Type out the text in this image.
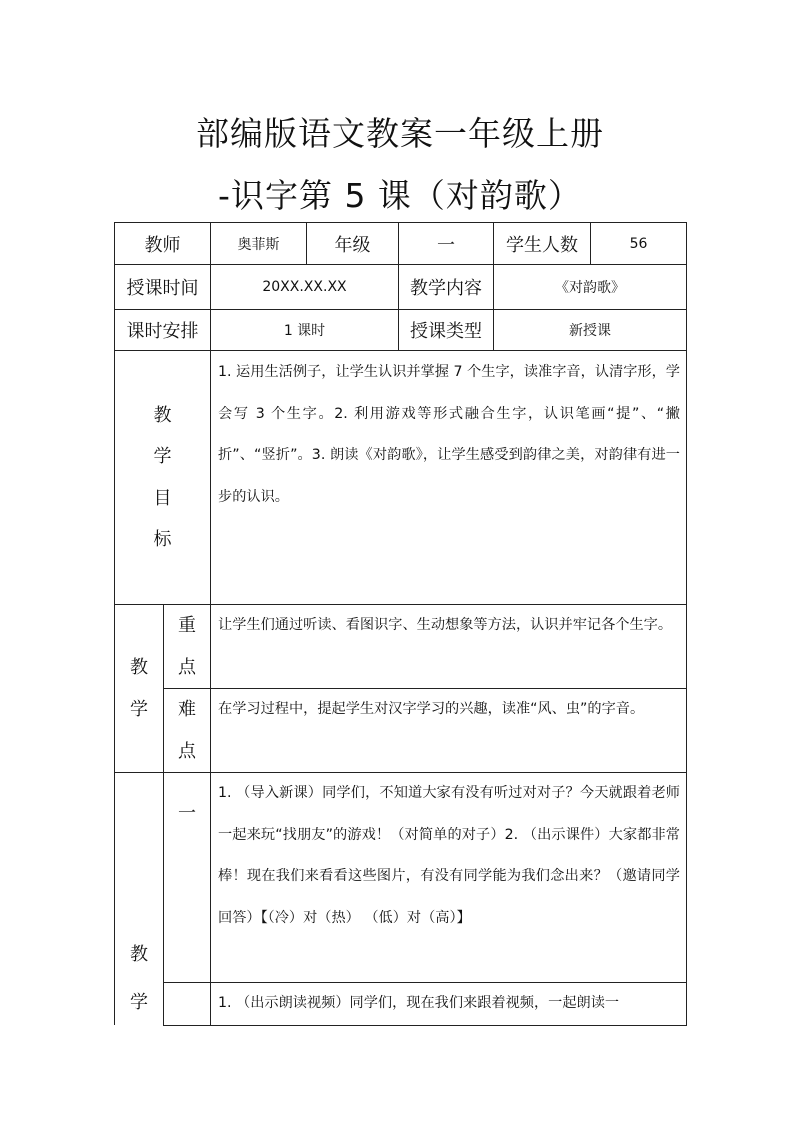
部编版语文教案一年级上册
-识字第 5 课（对韵歌）
教师		奥菲斯	年级	一	学生人数	56
授课时间		20XX.XX.XX		教学内容	《对韵歌》	
课时安排		1 课时		授课类型	新授课	

教
学
目
标		1. 运用生活例子，让学生认识并掌握 7 个生字，读准字音，认清字形，学会写 3 个生字。2. 利用游戏等形式融合生字，认识笔画“提”、“撇折”、“竖折”。3. 朗读《对韵歌》，让学生感受到韵律之美，对韵律有进一步的认识。				

教
学	重
点	让学生们通过听读、看图识字、生动想象等方法，认识并牢记各个生字。				

	难
点	在学习过程中，提起学生对汉字学习的兴趣，读准“风、虫”的字音。				

教
学	一	1. （导入新课）同学们，不知道大家有没有听过对对子？今天就跟着老师一起来玩“找朋友”的游戏！（对简单的对子）2. （出示课件）大家都非常棒！现在我们来看看这些图片，有没有同学能为我们念出来？（邀请同学回答）【（冷）对（热） （低）对（高）】				
		1. （出示朗读视频）同学们，现在我们来跟着视频，一起朗读一				
